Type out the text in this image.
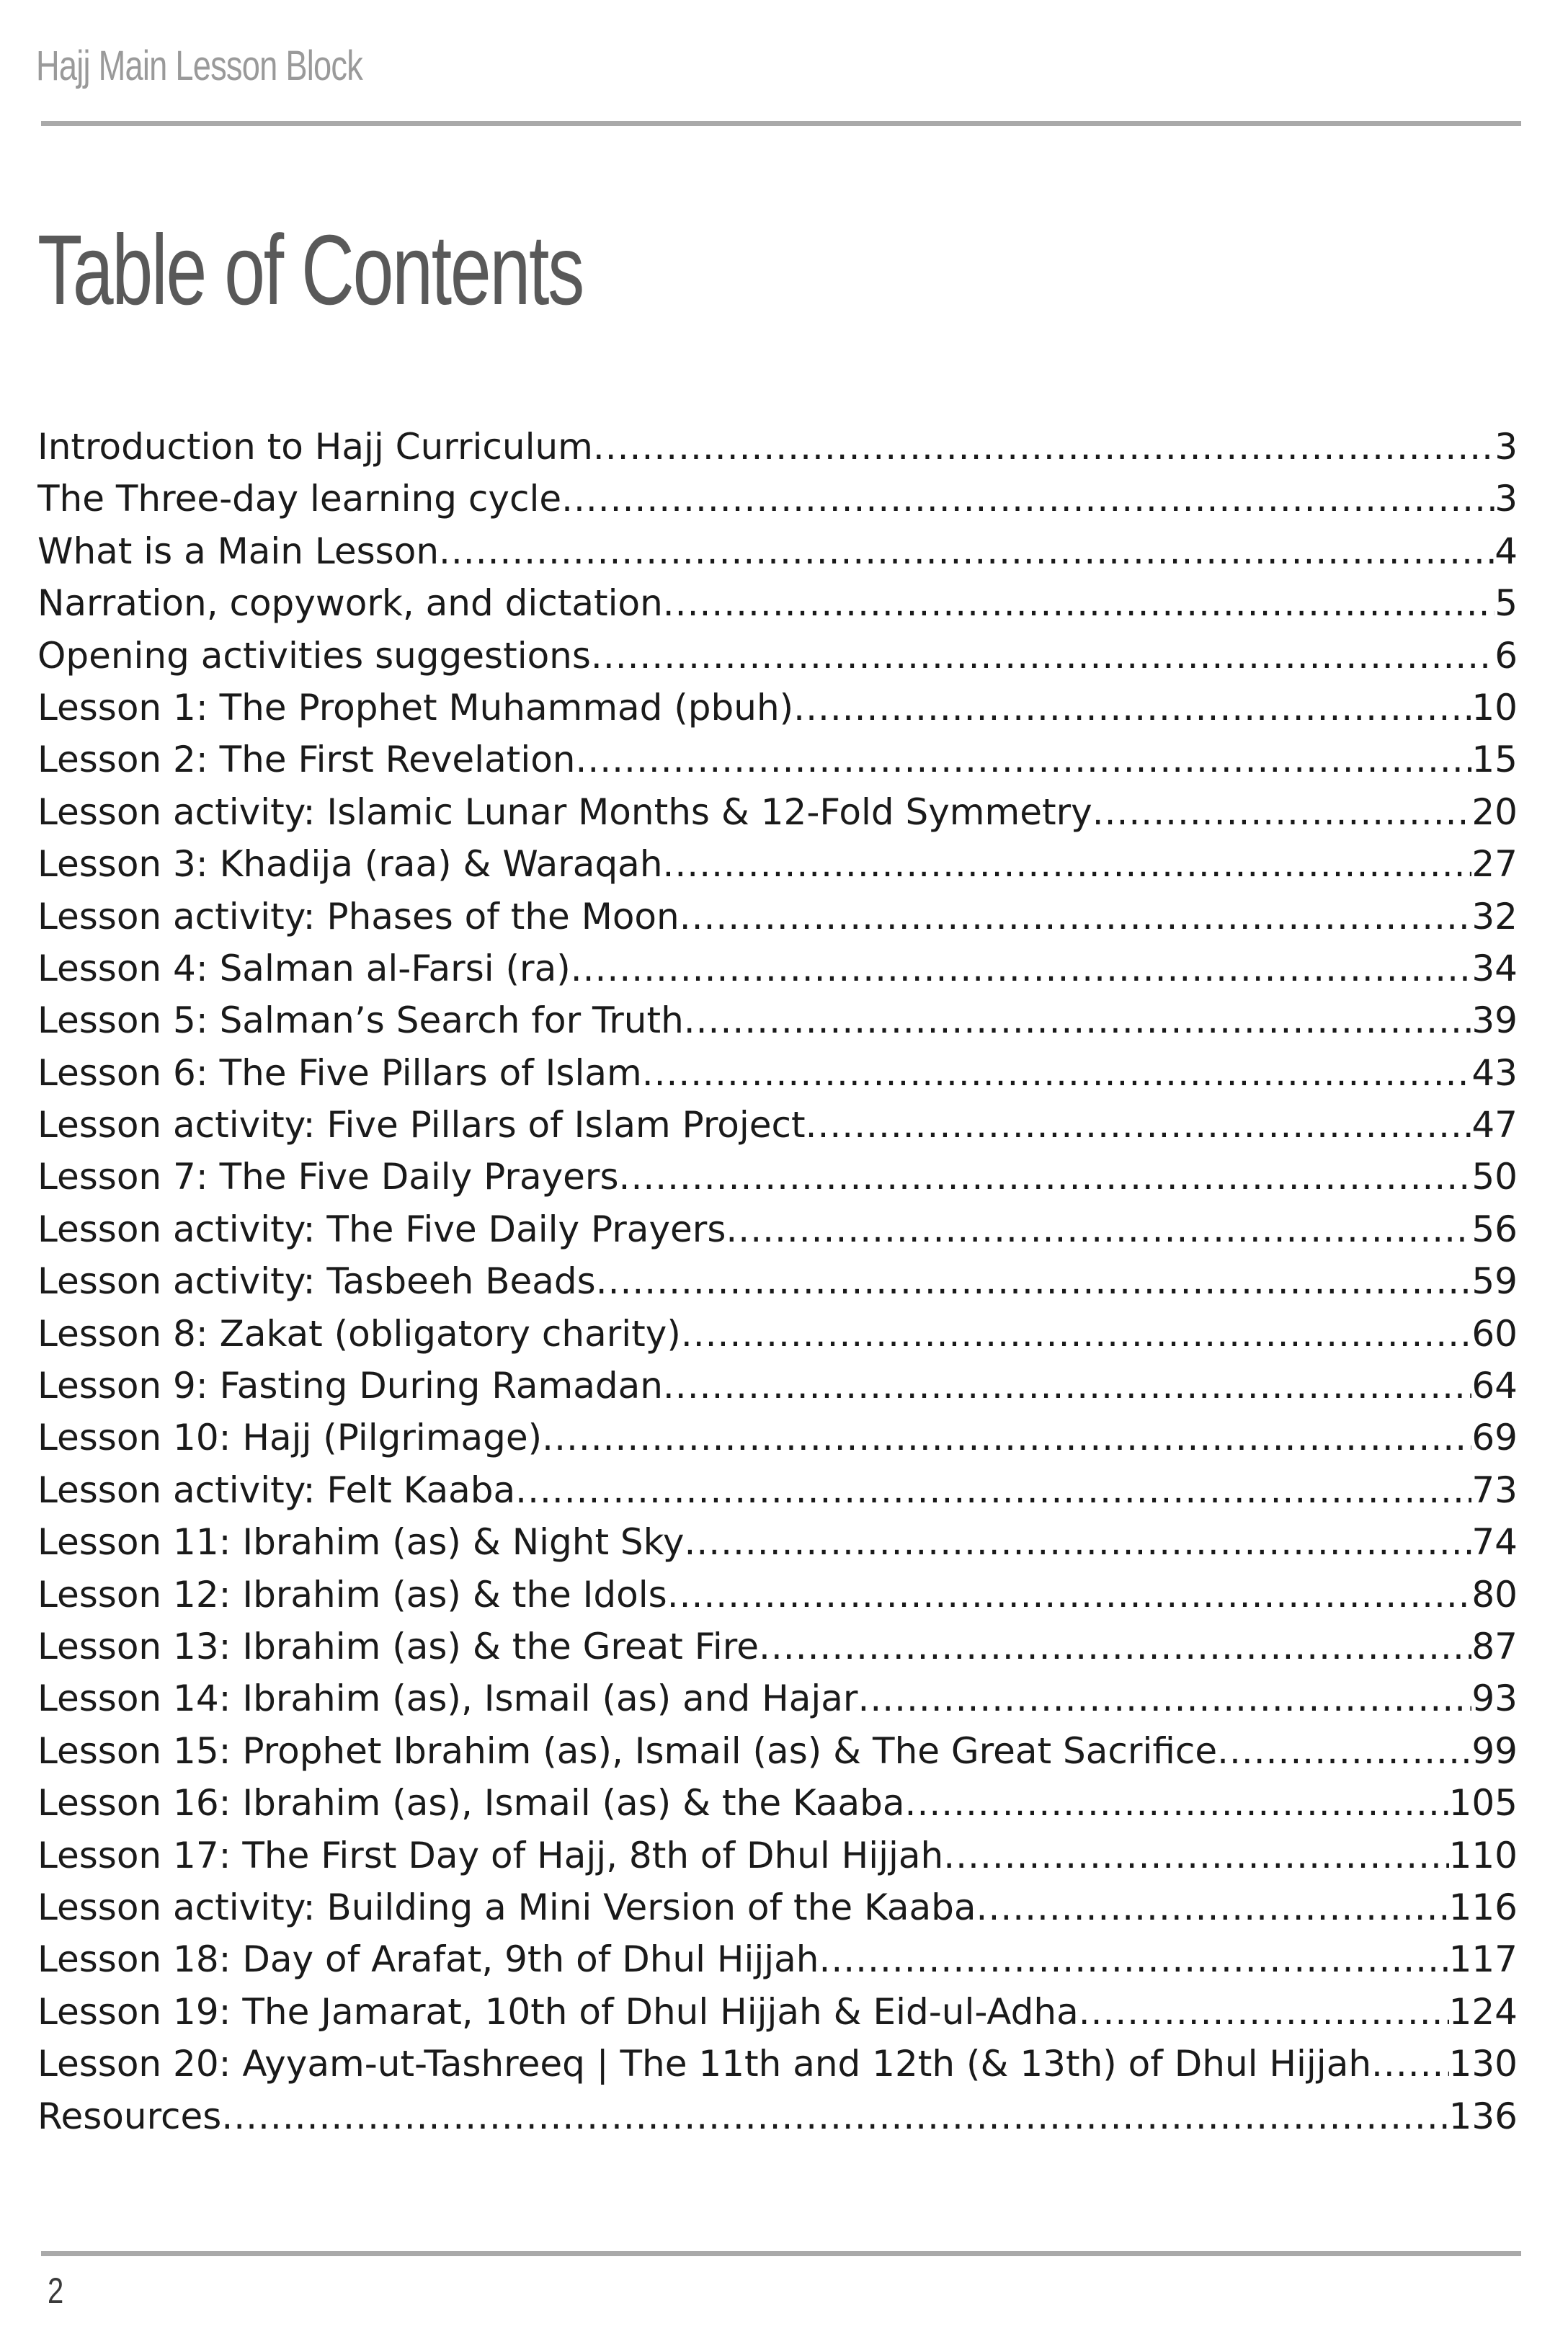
Hajj Main Lesson Block
Table of Contents
Introduction to Hajj Curriculum .....	3
The Three-day learning cycle .....	3
What is a Main Lesson .....	4
Narration, copywork, and dictation .....	5
Opening activities suggestions .....	6
Lesson 1: The Prophet Muhammad (pbuh) .....	10
Lesson 2: The First Revelation .....	15
Lesson activity: Islamic Lunar Months & 12-Fold Symmetry .....	20
Lesson 3: Khadija (raa) & Waraqah .....	27
Lesson activity: Phases of the Moon .....	32
Lesson 4: Salman al-Farsi (ra) .....	34
Lesson 5: Salman’s Search for Truth .....	39
Lesson 6: The Five Pillars of Islam .....	43
Lesson activity: Five Pillars of Islam Project .....	47
Lesson 7: The Five Daily Prayers .....	50
Lesson activity: The Five Daily Prayers .....	56
Lesson activity: Tasbeeh Beads .....	59
Lesson 8: Zakat (obligatory charity) .....	60
Lesson 9: Fasting During Ramadan .....	64
Lesson 10: Hajj (Pilgrimage) .....	69
Lesson activity: Felt Kaaba .....	73
Lesson 11: Ibrahim (as) & Night Sky .....	74
Lesson 12: Ibrahim (as) & the Idols .....	80
Lesson 13: Ibrahim (as) & the Great Fire .....	87
Lesson 14: Ibrahim (as), Ismail (as) and Hajar .....	93
Lesson 15: Prophet Ibrahim (as), Ismail (as) & The Great Sacrifice .....	99
Lesson 16: Ibrahim (as), Ismail (as) & the Kaaba .....	105
Lesson 17: The First Day of Hajj, 8th of Dhul Hijjah .....	110
Lesson activity: Building a Mini Version of the Kaaba .....	116
Lesson 18: Day of Arafat, 9th of Dhul Hijjah .....	117
Lesson 19: The Jamarat, 10th of Dhul Hijjah & Eid-ul-Adha .....	124
Lesson 20: Ayyam-ut-Tashreeq | The 11th and 12th (& 13th) of Dhul Hijjah ..... 130
Resources .....	136
2
